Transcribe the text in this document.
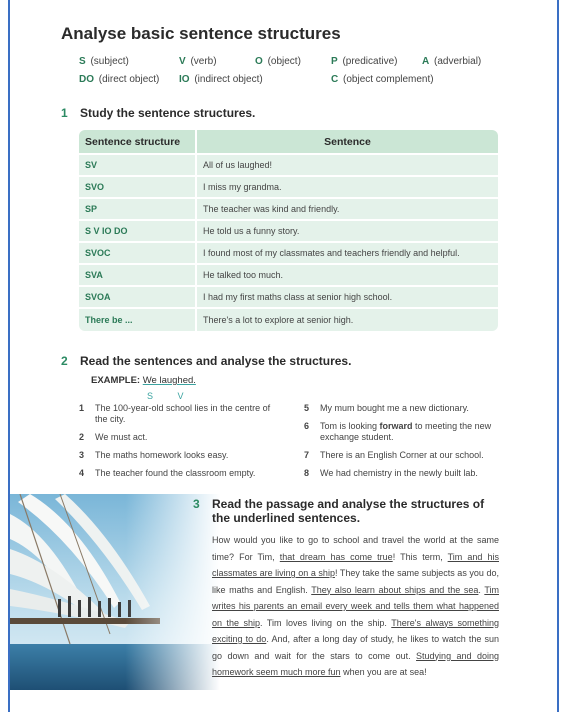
Analyse basic sentence structures
S (subject)	V (verb)	O (object)	P (predicative) A (adverbial)
DO (direct object) IO (indirect object)	C (object complement)
1 Study the sentence structures.
Sentence structure	Sentence
SV	All of us laughed!
SVO	I miss my grandma.
SP	The teacher was kind and friendly.
S V IO DO	He told us a funny story.
SVOC	I found most of my classmates and teachers friendly and helpful.
SVA	He talked too much.
SVOA	I had my first maths class at senior high school.
There be ...	There's a lot to explore at senior high.
2 Read the sentences and analyse the structures.
EXAMPLE: We laughed.
S	V
1 The 100-year-old school lies in the centre of the city.
2 We must act.
3 The maths homework looks easy.
4 The teacher found the classroom empty.
5 My mum bought me a new dictionary.
6 Tom is looking forward to meeting the new exchange student.
7 There is an English Corner at our school.
8 We had chemistry in the newly built lab.
3 Read the passage and analyse the structures of the underlined sentences.
How would you like to go to school and travel the world at the same time? For Tim, that dream has come true! This term, Tim and his classmates are living on a ship! They take the same subjects as you do, like maths and English. They also learn about ships and the sea. Tim writes his parents an email every week and tells them what happened on the ship. Tim loves living on the ship. There's always something exciting to do. And, after a long day of study, he likes to watch the sun go down and wait for the stars to come out. Studying and doing homework seem much more fun when you are at sea!
